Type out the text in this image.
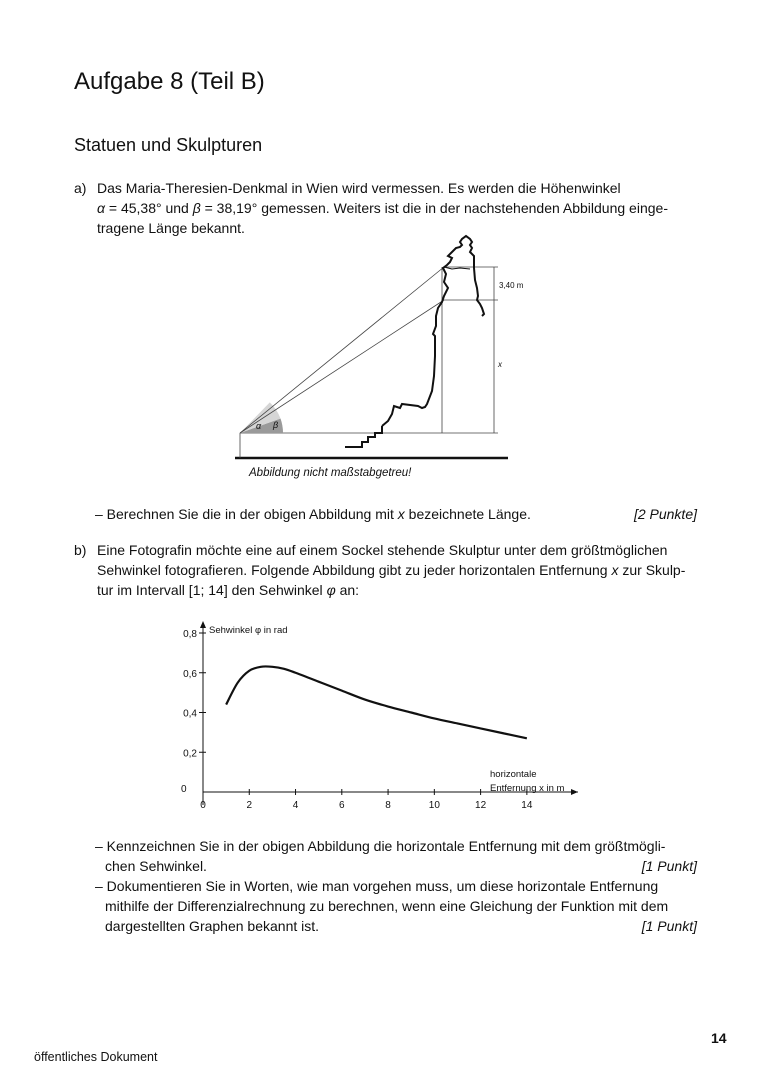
Aufgabe 8 (Teil B)
Statuen und Skulpturen
a) Das Maria-Theresien-Denkmal in Wien wird vermessen. Es werden die Höhenwinkel
α = 45,38° und β = 38,19° gemessen. Weiters ist die in der nachstehenden Abbildung einge-
tragene Länge bekannt.
3,40 m
x
α β
Abbildung nicht maßstabgetreu!
– Berechnen Sie die in der obigen Abbildung mit x bezeichnete Länge.	[2 Punkte]
b) Eine Fotografin möchte eine auf einem Sockel stehende Skulptur unter dem größtmöglichen
Sehwinkel fotografieren. Folgende Abbildung gibt zu jeder horizontalen Entfernung x zur Skulp-
tur im Intervall [1; 14] den Sehwinkel φ an:
0	2	4	6	8	10	12	14
0,2
0,4
0,6
0,8 Sehwinkel φ in rad
horizontale
Entfernung x in m
0
– Kennzeichnen Sie in der obigen Abbildung die horizontale Entfernung mit dem größtmögli-
chen Sehwinkel.	[1 Punkt]
– Dokumentieren Sie in Worten, wie man vorgehen muss, um diese horizontale Entfernung
mithilfe der Differenzialrechnung zu berechnen, wenn eine Gleichung der Funktion mit dem
dargestellten Graphen bekannt ist.	[1 Punkt]
14
öffentliches Dokument
